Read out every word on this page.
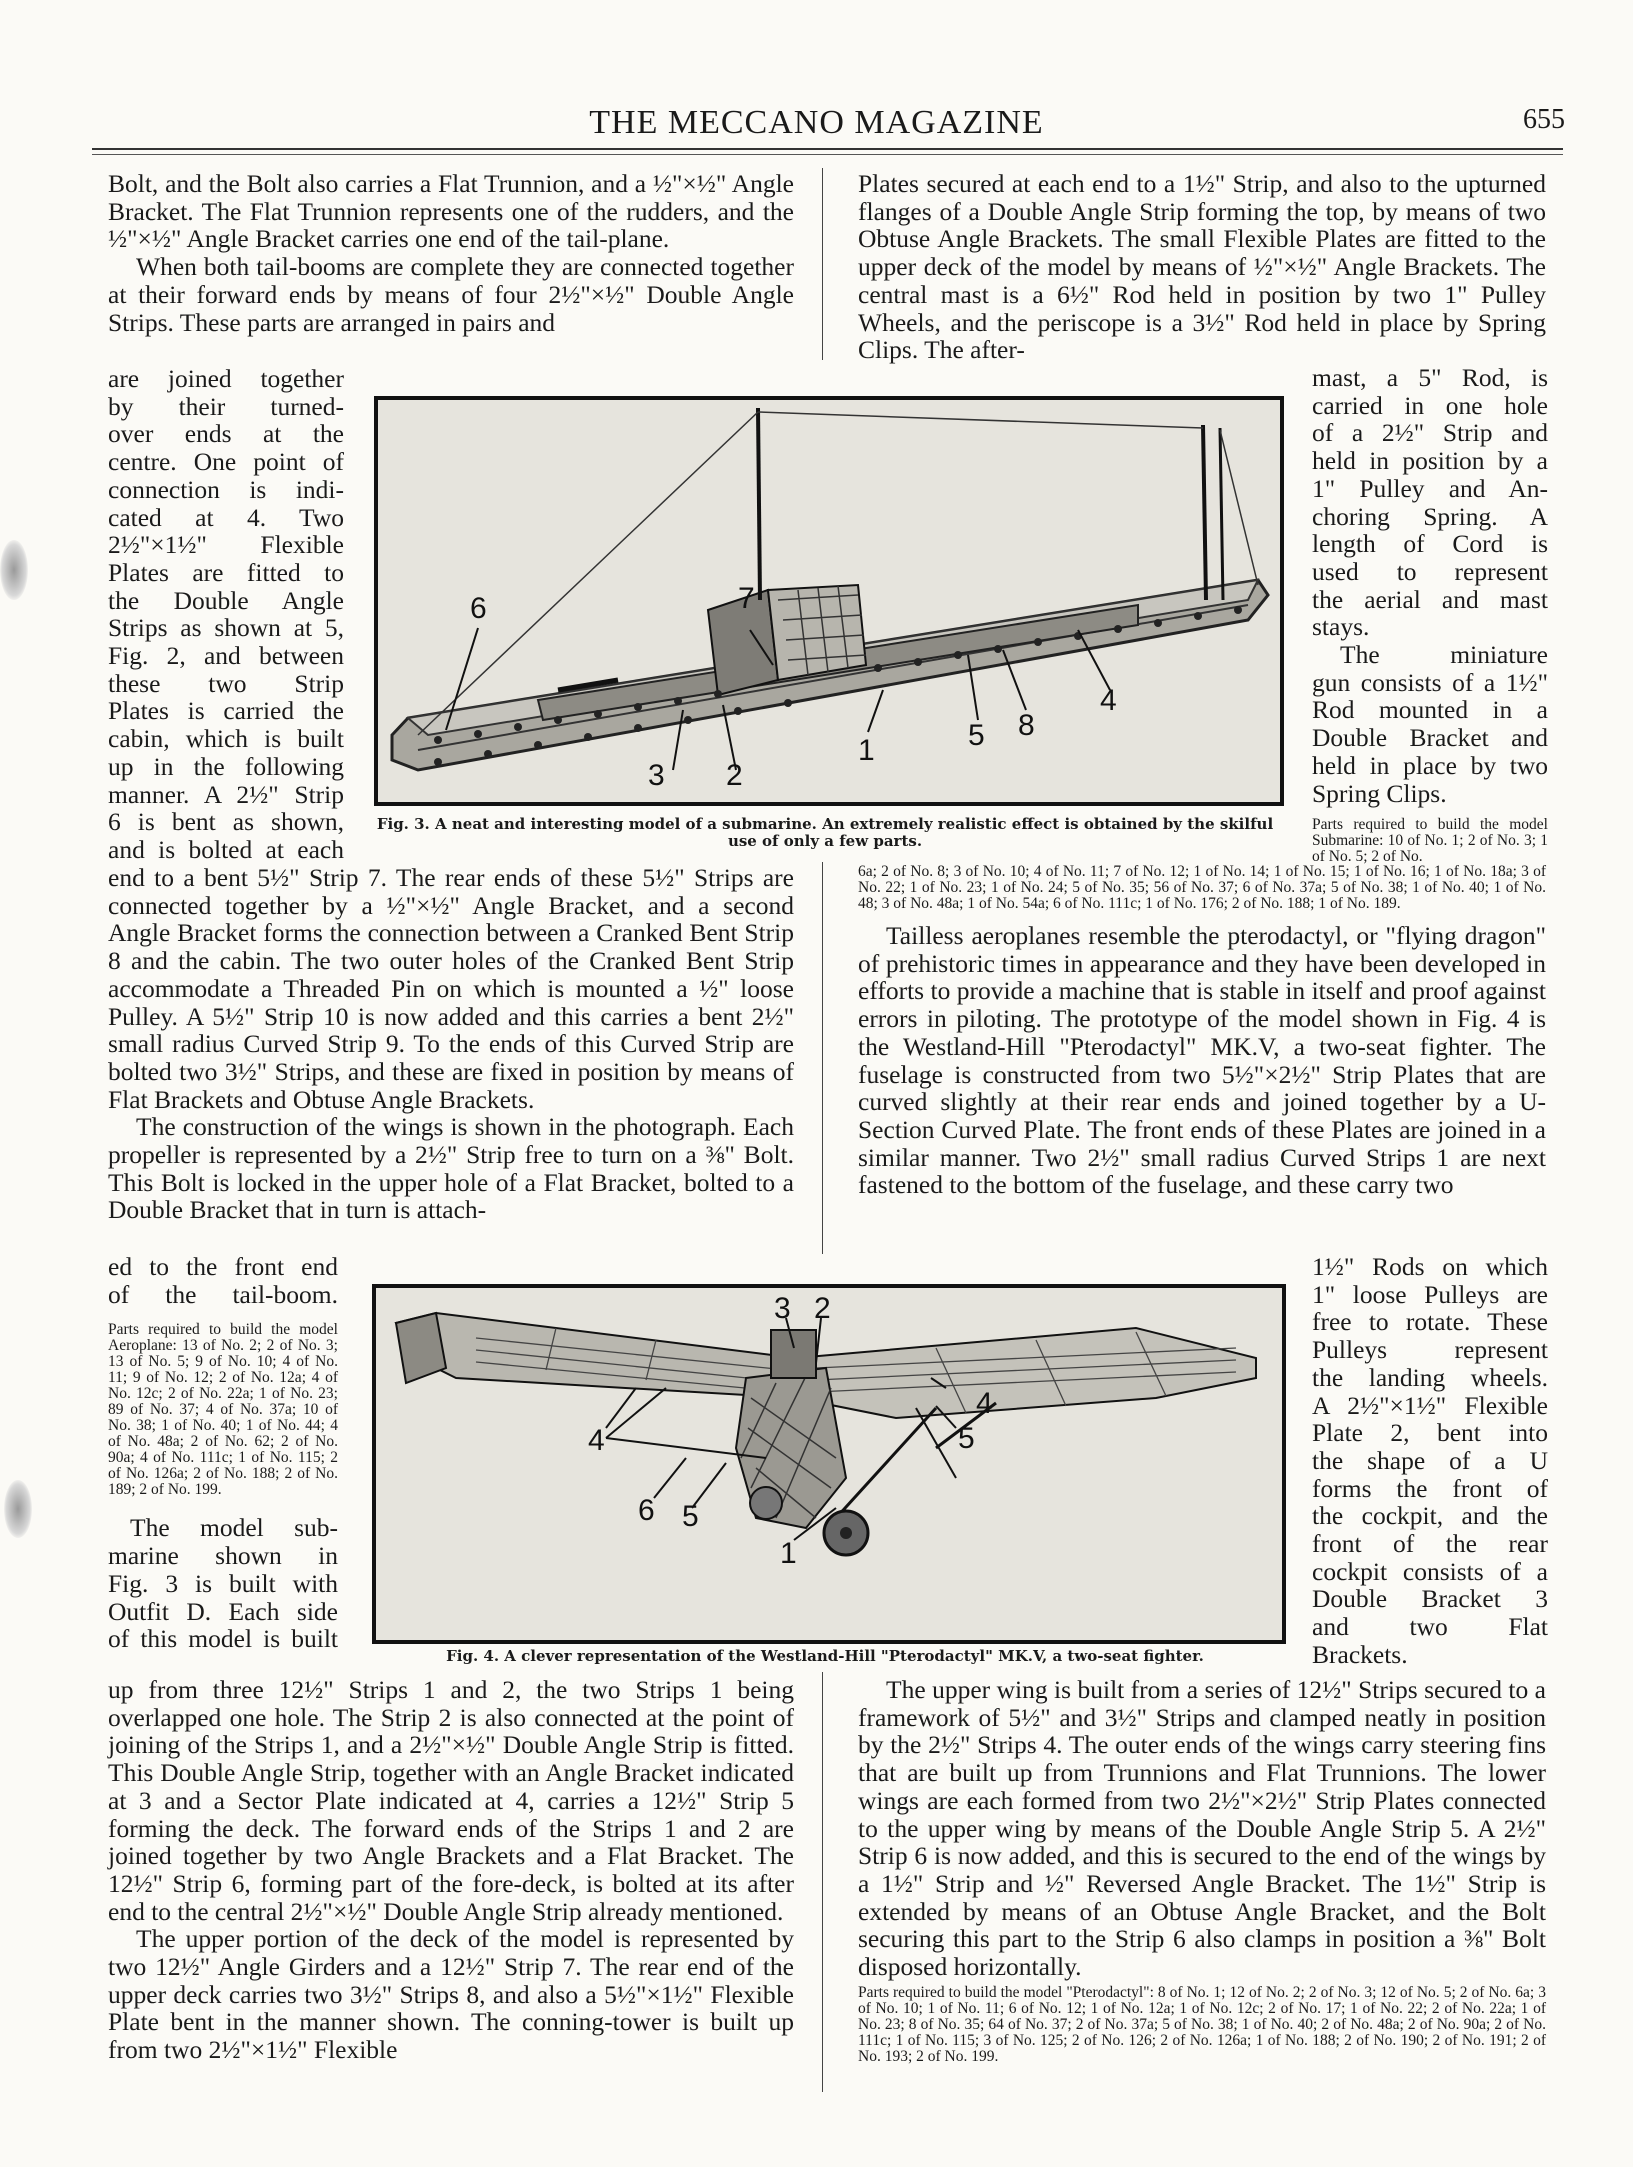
THE MECCANO MAGAZINE	655

Bolt, and the Bolt also carries a Flat Trunnion, and a ½"×½" Angle Bracket. The Flat Trunnion represents one of the rudders, and the ½"×½" Angle Bracket carries one end of the tail-plane.

When both tail-booms are complete they are connected together at their forward ends by means of four 2½"×½" Double Angle Strips. These parts are arranged in pairs and

are joined together

by their turned-

over ends at the

centre. One point of

connection is indi-

cated at 4. Two

2½"×1½" Flexible

Plates are fitted to

the Double Angle

Strips as shown at 5,

Fig. 2, and between

these two Strip

Plates is carried the

cabin, which is built

up in the following

manner. A 2½" Strip

6 is bent as shown,

and is bolted at each

end to a bent 5½" Strip 7. The rear ends of these 5½" Strips are connected together by a ½"×½" Angle Bracket, and a second Angle Bracket forms the connection between a Cranked Bent Strip 8 and the cabin. The two outer holes of the Cranked Bent Strip accommodate a Threaded Pin on which is mounted a ½" loose Pulley. A 5½" Strip 10 is now added and this carries a bent 2½" small radius Curved Strip 9. To the ends of this Curved Strip are bolted two 3½" Strips, and these are fixed in position by means of Flat Brackets and Obtuse Angle Brackets.

The construction of the wings is shown in the photograph. Each propeller is represented by a 2½" Strip free to turn on a ⅜" Bolt. This Bolt is locked in the upper hole of a Flat Bracket, bolted to a Double Bracket that in turn is attach-

ed to the front end

of the tail-boom.

Parts required to build the model Aeroplane: 13 of No. 2; 2 of No. 3; 13 of No. 5; 9 of No. 10; 4 of No. 11; 9 of No. 12; 2 of No. 12a; 4 of No. 12c; 2 of No. 22a; 1 of No. 23; 89 of No. 37; 4 of No. 37a; 10 of No. 38; 1 of No. 40; 1 of No. 44; 4 of No. 48a; 2 of No. 62; 2 of No. 90a; 4 of No. 111c; 1 of No. 115; 2 of No. 126a; 2 of No. 188; 2 of No. 189; 2 of No. 199.

The model sub-

marine shown in

Fig. 3 is built with

Outfit D. Each side

of this model is built

up from three 12½" Strips 1 and 2, the two Strips 1 being overlapped one hole. The Strip 2 is also connected at the point of joining of the Strips 1, and a 2½"×½" Double Angle Strip is fitted. This Double Angle Strip, together with an Angle Bracket indicated at 3 and a Sector Plate indicated at 4, carries a 12½" Strip 5 forming the deck. The forward ends of the Strips 1 and 2 are joined together by two Angle Brackets and a Flat Bracket. The 12½" Strip 6, forming part of the fore-deck, is bolted at its after end to the central 2½"×½" Double Angle Strip already mentioned.

The upper portion of the deck of the model is represented by two 12½" Angle Girders and a 12½" Strip 7. The rear end of the upper deck carries two 3½" Strips 8, and also a 5½"×1½" Flexible Plate bent in the manner shown. The conning-tower is built up from two 2½"×1½" Flexible

Plates secured at each end to a 1½" Strip, and also to the upturned flanges of a Double Angle Strip forming the top, by means of two Obtuse Angle Brackets. The small Flexible Plates are fitted to the upper deck of the model by means of ½"×½" Angle Brackets. The central mast is a 6½" Rod held in position by two 1" Pulley Wheels, and the periscope is a 3½" Rod held in place by Spring Clips. The after-

mast, a 5" Rod, is

carried in one hole

of a 2½" Strip and

held in position by a

1" Pulley and An-

choring Spring. A

length of Cord is

used to represent

the aerial and mast

stays.

The miniature

gun consists of a 1½"

Rod mounted in a

Double Bracket and

held in place by two

Spring Clips.

Parts required to build the model Submarine: 10 of No. 1; 2 of No. 3; 1 of No. 5; 2 of No.

6a; 2 of No. 8; 3 of No. 10; 4 of No. 11; 7 of No. 12; 1 of No. 14; 1 of No. 15; 1 of No. 16; 1 of No. 18a; 3 of No. 22; 1 of No. 23; 1 of No. 24; 5 of No. 35; 56 of No. 37; 6 of No. 37a; 5 of No. 38; 1 of No. 40; 1 of No. 48; 3 of No. 48a; 1 of No. 54a; 6 of No. 111c; 1 of No. 176; 2 of No. 188; 1 of No. 189.

Tailless aeroplanes resemble the pterodactyl, or "flying dragon" of prehistoric times in appearance and they have been developed in efforts to provide a machine that is stable in itself and proof against errors in piloting. The prototype of the model shown in Fig. 4 is the Westland-Hill "Pterodactyl" MK.V, a two-seat fighter. The fuselage is constructed from two 5½"×2½" Strip Plates that are curved slightly at their rear ends and joined together by a U-Section Curved Plate. The front ends of these Plates are joined in a similar manner. Two 2½" small radius Curved Strips 1 are next fastened to the bottom of the fuselage, and these carry two

1½" Rods on which

1" loose Pulleys are

free to rotate. These

Pulleys represent

the landing wheels.

A 2½"×1½" Flexible

Plate 2, bent into

the shape of a U

forms the front of

the cockpit, and the

front of the rear

cockpit consists of a

Double Bracket 3

and two Flat

Brackets.

The upper wing is built from a series of 12½" Strips secured to a framework of 5½" and 3½" Strips and clamped neatly in position by the 2½" Strips 4. The outer ends of the wings carry steering fins that are built up from Trunnions and Flat Trunnions. The lower wings are each formed from two 2½"×2½" Strip Plates connected to the upper wing by means of the Double Angle Strip 5. A 2½" Strip 6 is now added, and this is secured to the end of the wings by a 1½" Strip and ½" Reversed Angle Bracket. The 1½" Strip is extended by means of an Obtuse Angle Bracket, and the Bolt securing this part to the Strip 6 also clamps in position a ⅜" Bolt disposed horizontally.

Parts required to build the model "Pterodactyl": 8 of No. 1; 12 of No. 2; 2 of No. 3; 12 of No. 5; 2 of No. 6a; 3 of No. 10; 1 of No. 11; 6 of No. 12; 1 of No. 12a; 1 of No. 12c; 2 of No. 17; 1 of No. 22; 2 of No. 22a; 1 of No. 23; 8 of No. 35; 64 of No. 37; 2 of No. 37a; 5 of No. 38; 1 of No. 40; 2 of No. 48a; 2 of No. 90a; 2 of No. 111c; 1 of No. 115; 3 of No. 125; 2 of No. 126; 2 of No. 126a; 1 of No. 188; 2 of No. 190; 2 of No. 191; 2 of No. 193; 2 of No. 199.

6	7
3 2
1	5 8
4
Fig. 3. A neat and interesting model of a submarine. An extremely realistic effect is obtained by the skilful use of only a few parts.
3 2
4	5
4
6 5
1
Fig. 4. A clever representation of the Westland-Hill "Pterodactyl" MK.V, a two-seat fighter.
